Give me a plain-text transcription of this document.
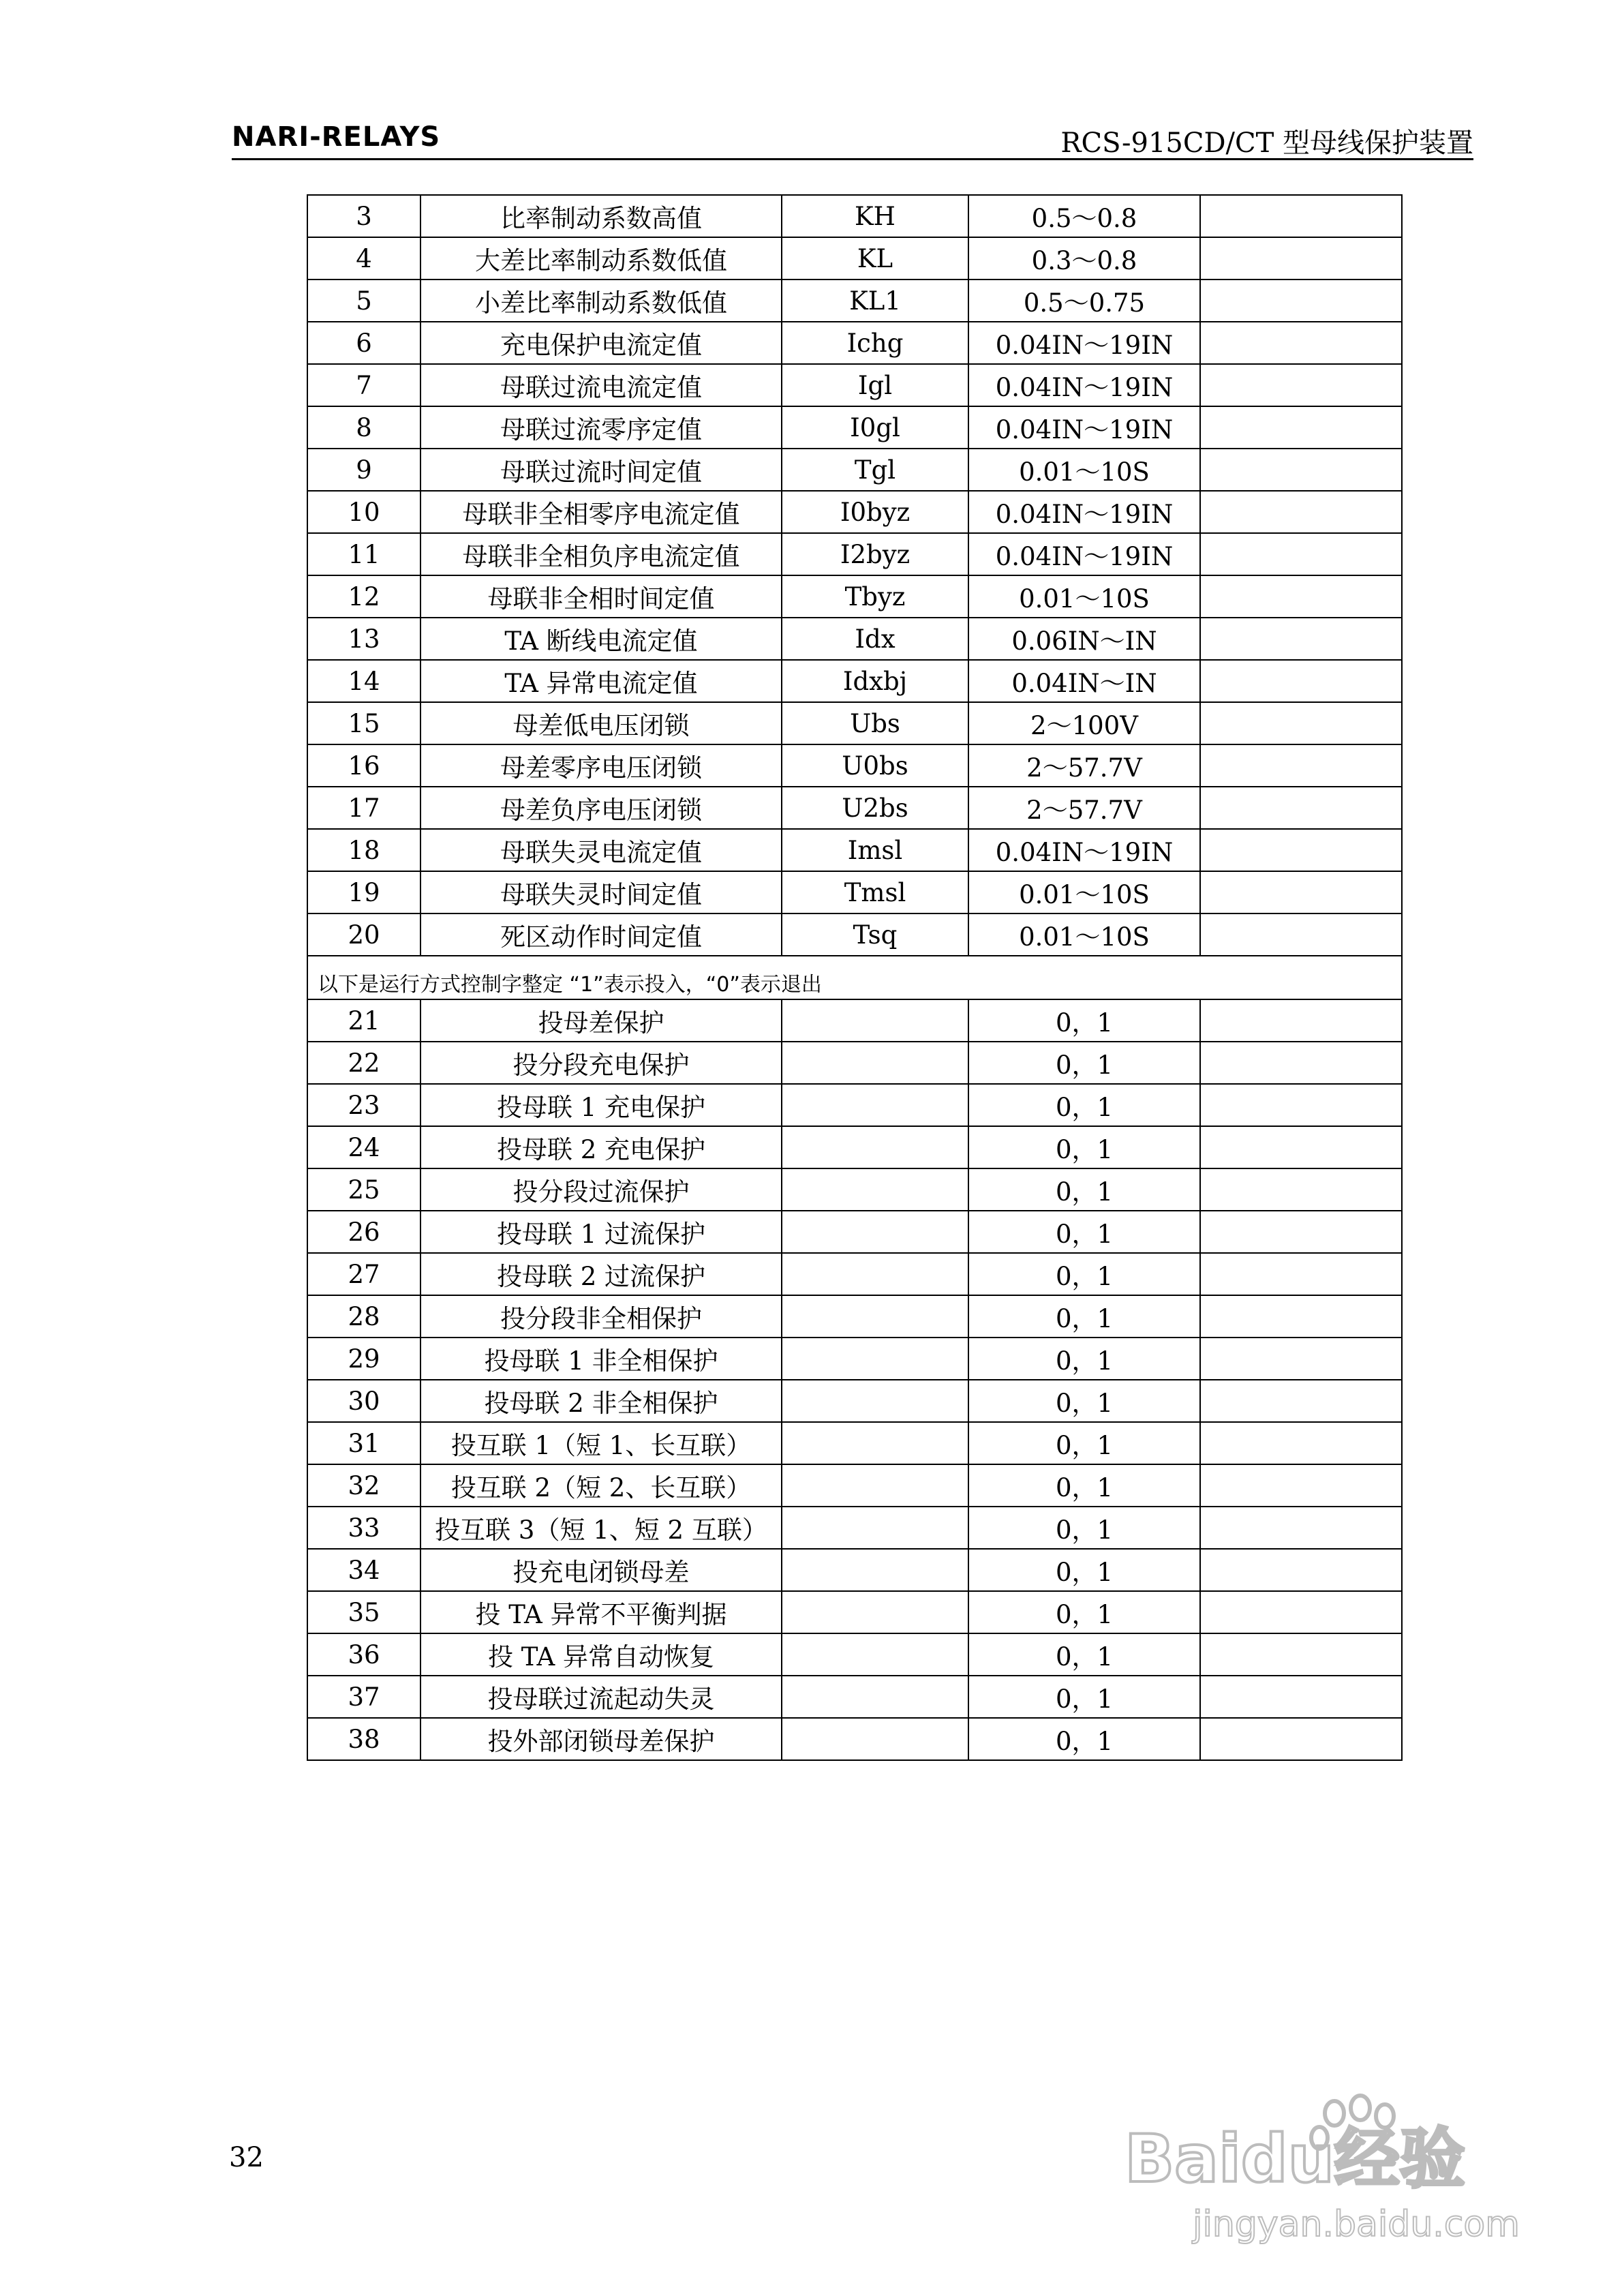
NARI-RELAYS	RCS-915CD/CT 型母线保护装置
3	比率制动系数高值	KH	0.5～0.8	
4	大差比率制动系数低值	KL	0.3～0.8	
5	小差比率制动系数低值	KL1	0.5～0.75	
6	充电保护电流定值	Ichg	0.04IN～19IN	
7	母联过流电流定值	Igl	0.04IN～19IN	
8	母联过流零序定值	I0gl	0.04IN～19IN	
9	母联过流时间定值	Tgl	0.01～10S	
10	母联非全相零序电流定值	I0byz	0.04IN～19IN	
11	母联非全相负序电流定值	I2byz	0.04IN～19IN	
12	母联非全相时间定值	Tbyz	0.01～10S	
13	TA 断线电流定值	Idx	0.06IN～IN	
14	TA 异常电流定值	Idxbj	0.04IN～IN	
15	母差低电压闭锁	Ubs	2～100V	
16	母差零序电压闭锁	U0bs	2～57.7V	
17	母差负序电压闭锁	U2bs	2～57.7V	
18	母联失灵电流定值	Imsl	0.04IN～19IN	
19	母联失灵时间定值	Tmsl	0.01～10S	
20	死区动作时间定值	Tsq	0.01～10S	
以下是运行方式控制字整定 “1”表示投入，“0”表示退出				
21	投母差保护		0，1	
22	投分段充电保护		0，1	
23	投母联 1 充电保护		0，1	
24	投母联 2 充电保护		0，1	
25	投分段过流保护		0，1	
26	投母联 1 过流保护		0，1	
27	投母联 2 过流保护		0，1	
28	投分段非全相保护		0，1	
29	投母联 1 非全相保护		0，1	
30	投母联 2 非全相保护		0，1	
31	投互联 1（短 1、长互联）		0，1	
32	投互联 2（短 2、长互联）		0，1	
33	投互联 3（短 1、短 2 互联）		0，1	
34	投充电闭锁母差		0，1	
35	投 TA 异常不平衡判据		0，1	
36	投 TA 异常自动恢复		0，1	
37	投母联过流起动失灵		0，1	
38	投外部闭锁母差保护		0，1	
32	Baidu经验
jingyan.baidu.com
